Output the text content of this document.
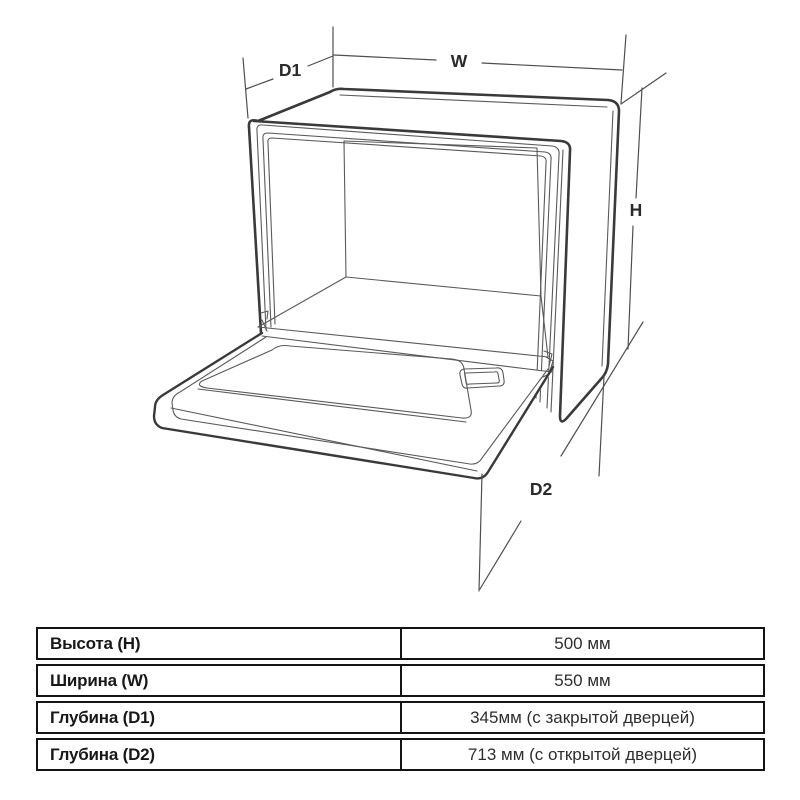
D1	W
H
D2
Высота (H)	500 мм
Ширина (W)	550 мм
Глубина (D1)	345мм (с закрытой дверцей)
Глубина (D2)	713 мм (с открытой дверцей)
